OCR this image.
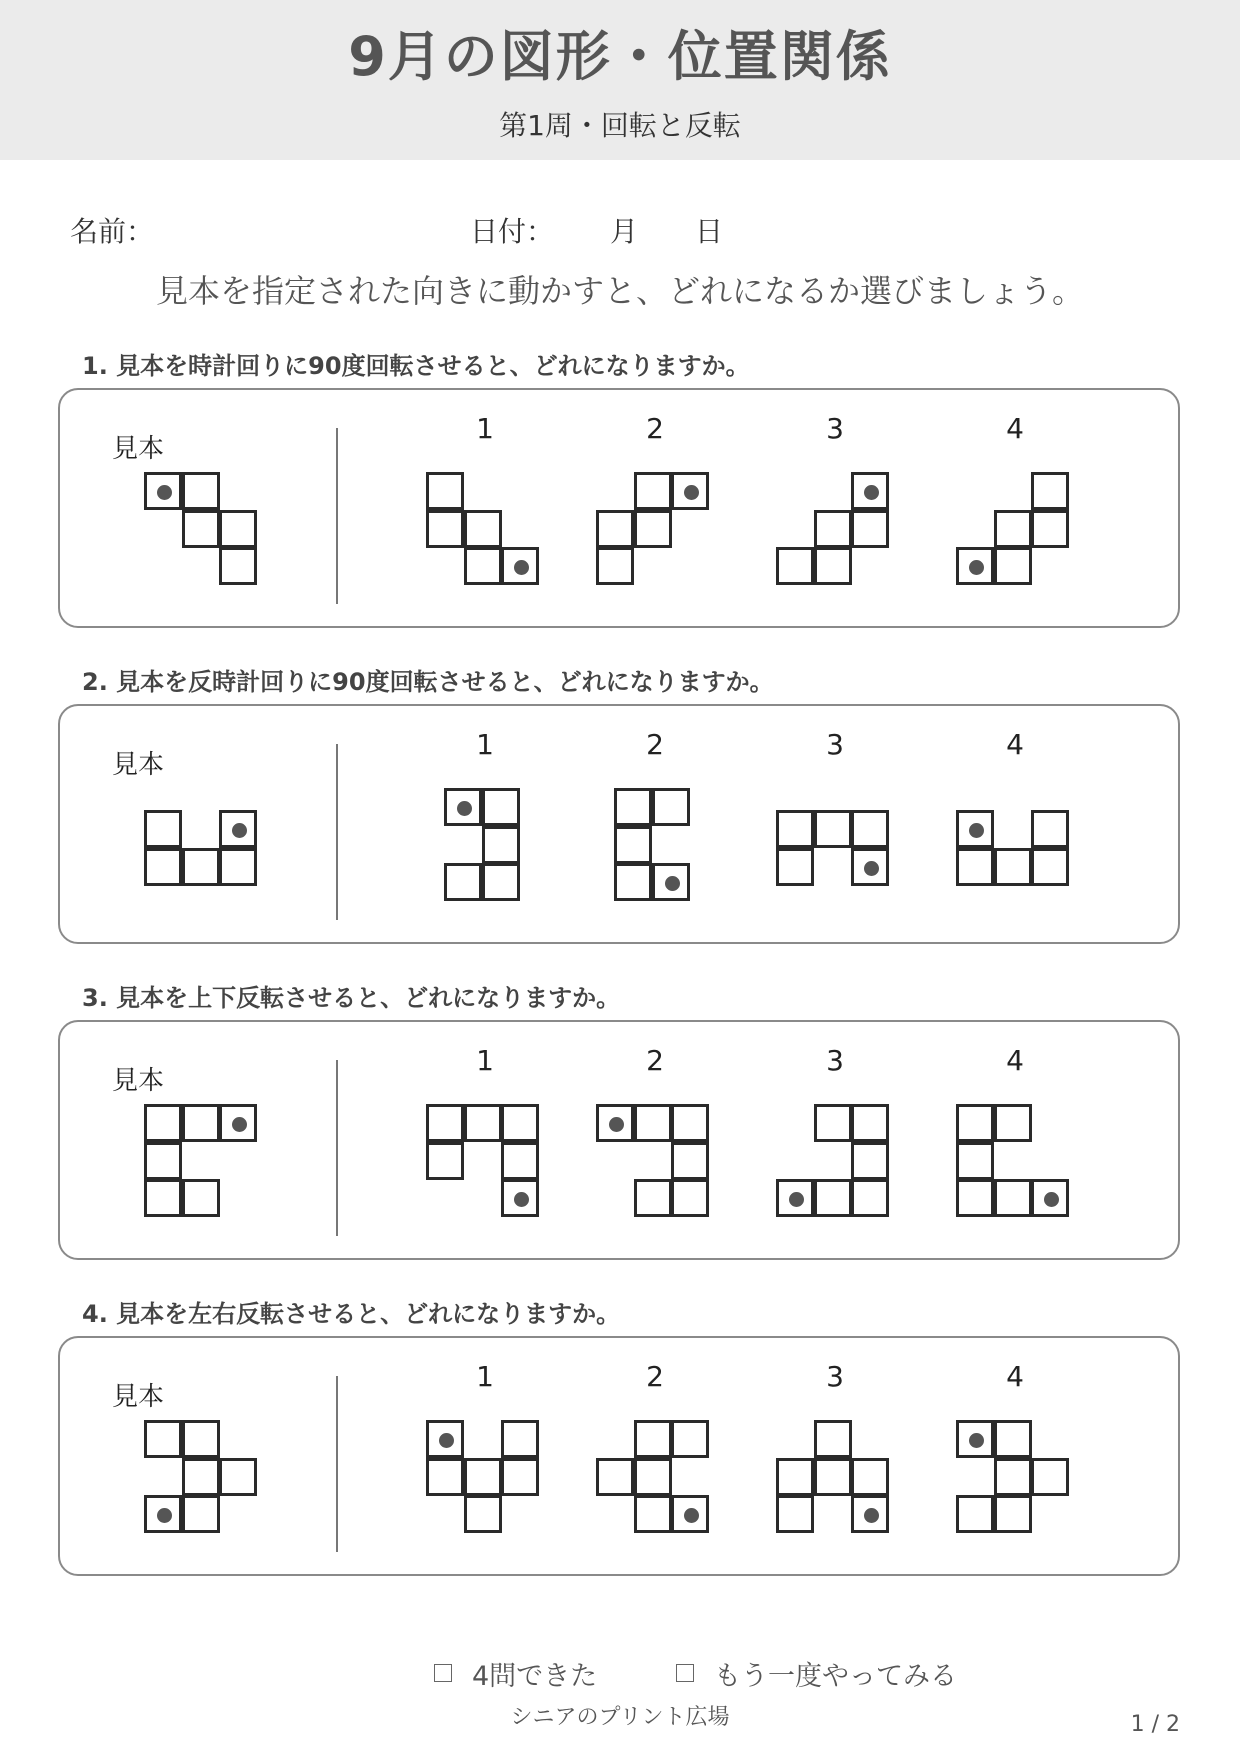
9月の図形・位置関係
第1周・回転と反転
名前：	日付： 月 日
見本を指定された向きに動かすと、どれになるか選びましょう。
1. 見本を時計回りに90度回転させると、どれになりますか。
見本
1	2	3	4
2. 見本を反時計回りに90度回転させると、どれになりますか。
見本
1	2	3	4
3. 見本を上下反転させると、どれになりますか。
見本
1	2	3	4
4. 見本を左右反転させると、どれになりますか。
見本
1	2	3	4
4問できた	もう一度やってみる
シニアのプリント広場	1 / 2
